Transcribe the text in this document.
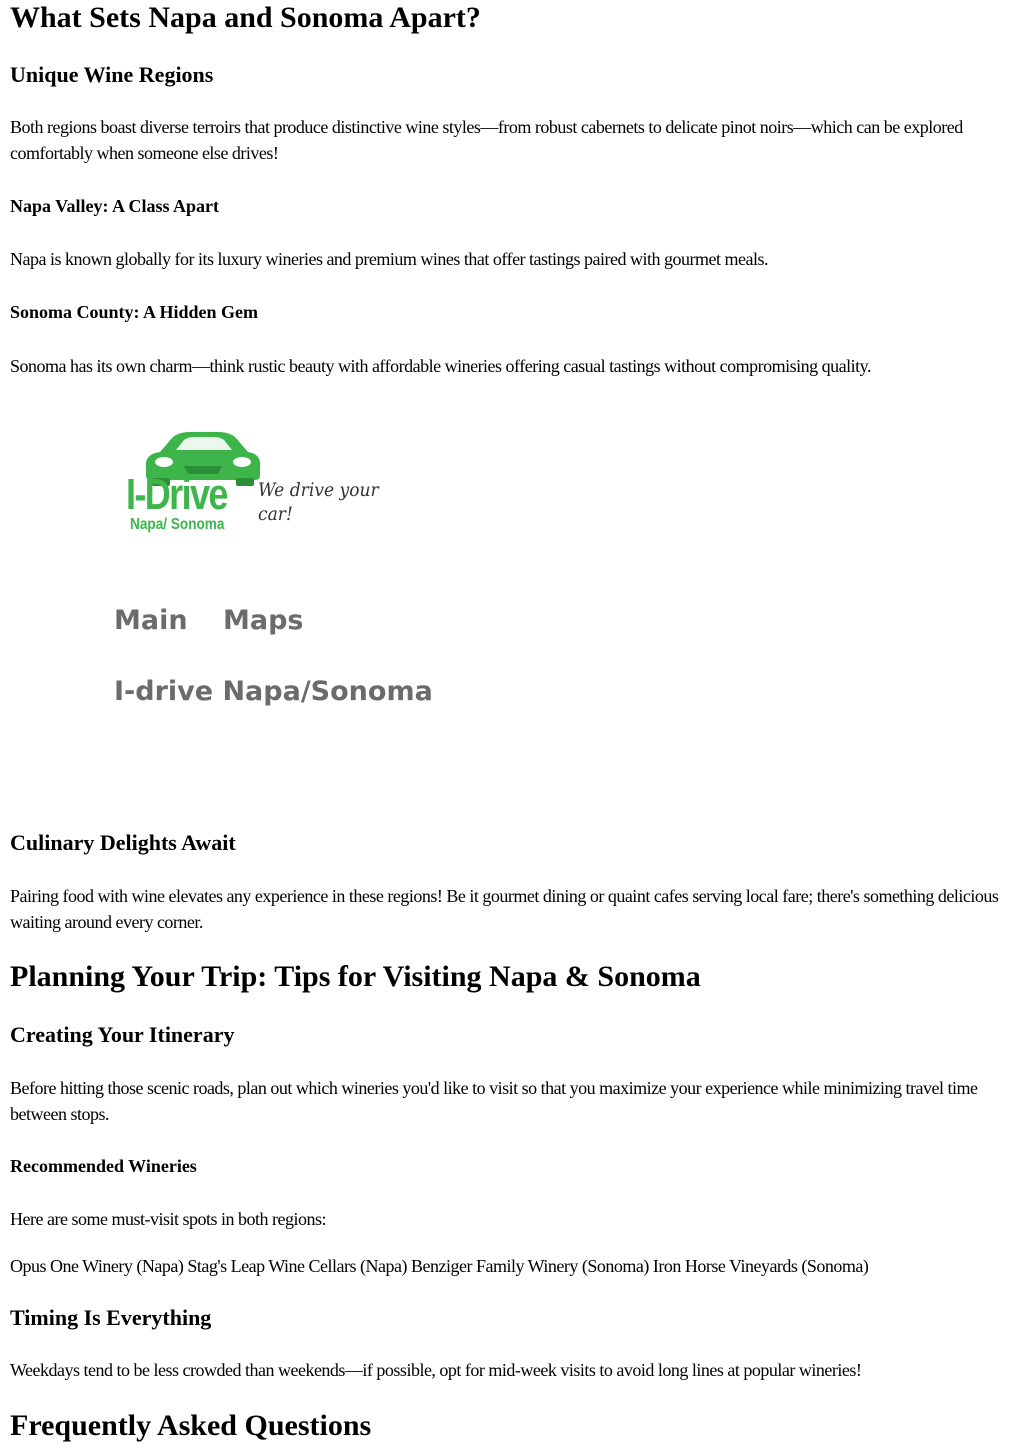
What Sets Napa and Sonoma Apart?
Unique Wine Regions

Both regions boast diverse terroirs that produce distinctive wine styles—from robust cabernets to delicate pinot noirs—which can be explored comfortably when someone else drives!

Napa Valley: A Class Apart

Napa is known globally for its luxury wineries and premium wines that offer tastings paired with gourmet meals.

Sonoma County: A Hidden Gem

Sonoma has its own charm—think rustic beauty with affordable wineries offering casual tastings without compromising quality.

I-Drive
Napa/ Sonoma
We drive your car!
Main Maps
I-drive Napa/Sonoma
Culinary Delights Await

Pairing food with wine elevates any experience in these regions! Be it gourmet dining or quaint cafes serving local fare; there's something delicious waiting around every corner.

Planning Your Trip: Tips for Visiting Napa & Sonoma
Creating Your Itinerary

Before hitting those scenic roads, plan out which wineries you'd like to visit so that you maximize your experience while minimizing travel time between stops.

Recommended Wineries

Here are some must-visit spots in both regions:

Opus One Winery (Napa) Stag's Leap Wine Cellars (Napa) Benziger Family Winery (Sonoma) Iron Horse Vineyards (Sonoma)

Timing Is Everything

Weekdays tend to be less crowded than weekends—if possible, opt for mid-week visits to avoid long lines at popular wineries!

Frequently Asked Questions
